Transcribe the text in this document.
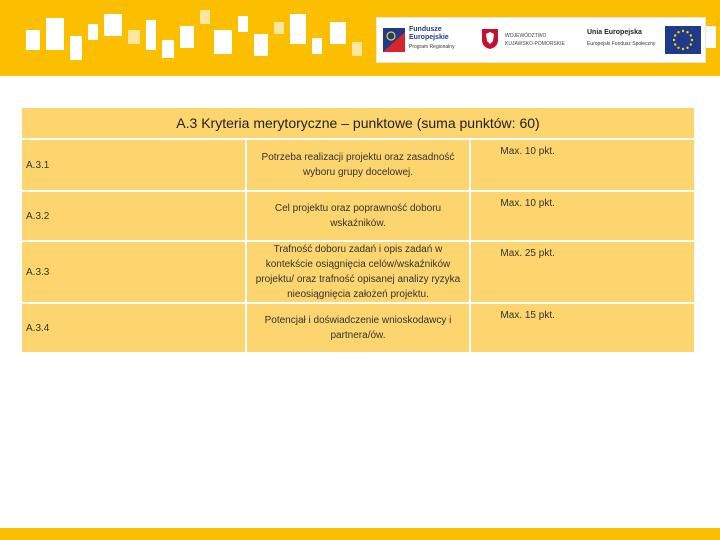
Fundusze
Europejskie
Program Regionalny
WOJEWÓDZTWO
KUJAWSKO-POMORSKIE
Unia Europejska
Europejski Fundusz Społeczny
A.3 Kryteria merytoryczne – punktowe (suma punktów: 60)		
A.3.1	Potrzeba realizacji projektu oraz zasadność wyboru grupy docelowej.	Max. 10 pkt.
A.3.2	Cel projektu oraz poprawność doboru wskaźników.	Max. 10 pkt.
A.3.3	Trafność doboru zadań i opis zadań w kontekście osiągnięcia celów/wskaźników projektu/ oraz trafność opisanej analizy ryzyka nieosiągnięcia założeń projektu.	Max. 25 pkt.
A.3.4	Potencjał i doświadczenie wnioskodawcy i partnera/ów.	Max. 15 pkt.
